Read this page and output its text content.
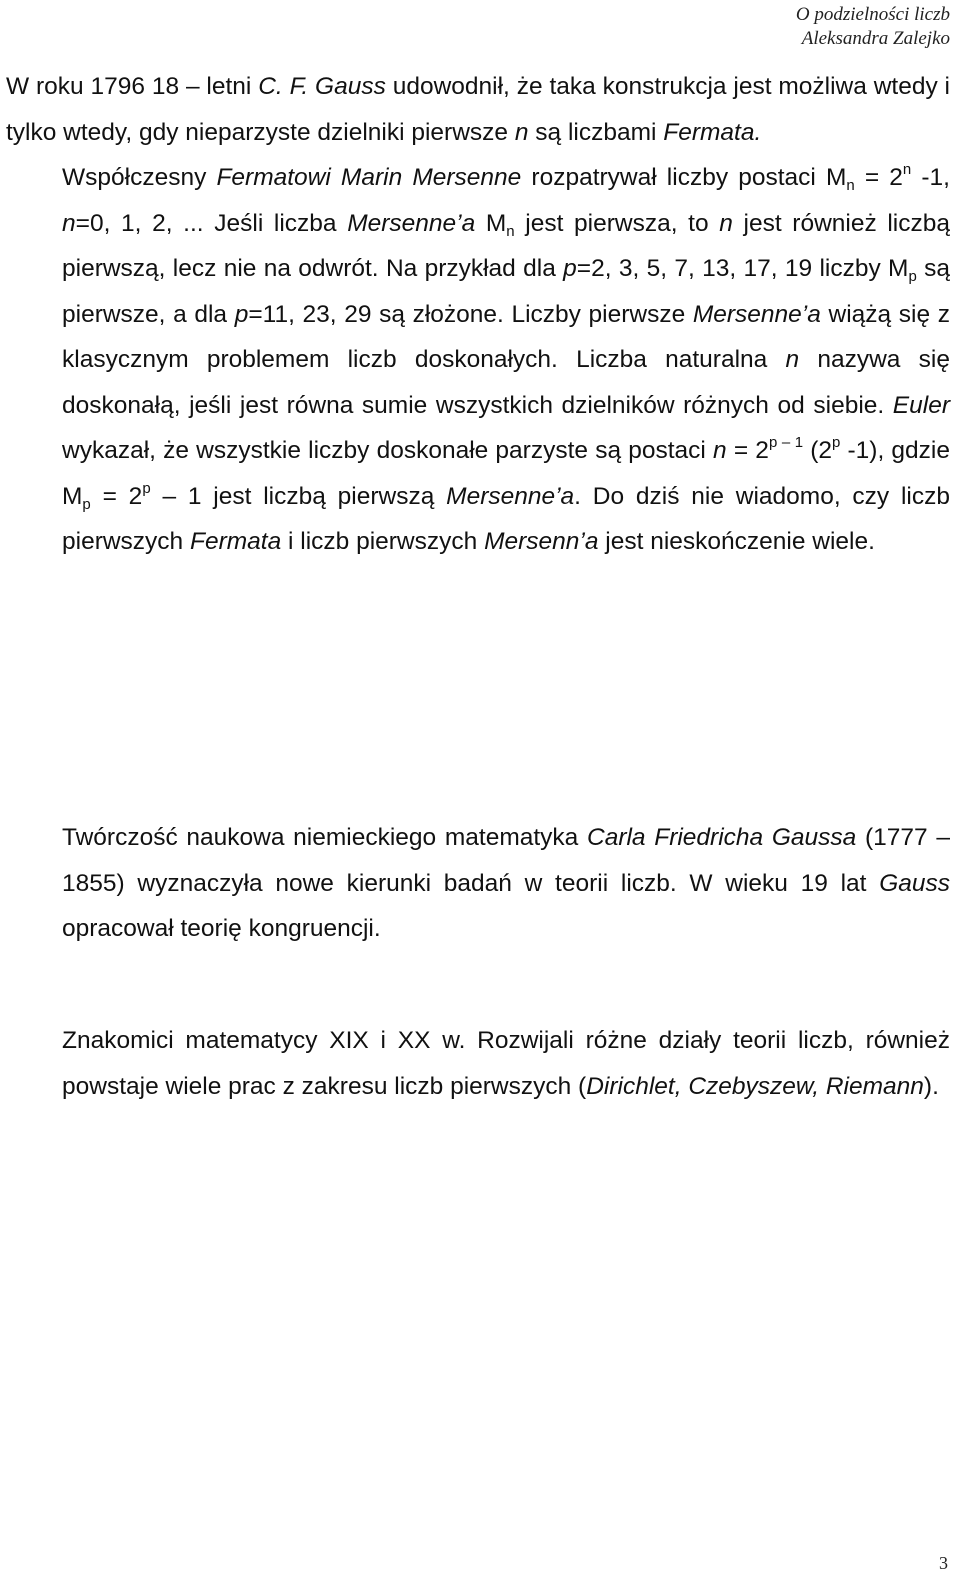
O podzielności liczb
Aleksandra Zalejko

W roku 1796 18 – letni C. F. Gauss udowodnił, że taka konstrukcja jest możliwa wtedy i tylko wtedy, gdy nieparzyste dzielniki pierwsze n są liczbami Fermata.

Współczesny Fermatowi Marin Mersenne rozpatrywał liczby postaci $M_n = 2^n$ -1, n=0, 1, 2, ... Jeśli liczba Mersenne’a $M_n$ jest pierwsza, to n jest również liczbą pierwszą, lecz nie na odwrót. Na przykład dla p=2, 3, 5, 7, 13, 17, 19 liczby $M_p$ są pierwsze, a dla p=11, 23, 29 są złożone. Liczby pierwsze Mersenne’a wiążą się z klasycznym problemem liczb doskonałych. Liczba naturalna n nazywa się doskonałą, jeśli jest równa sumie wszystkich dzielników różnych od siebie. Euler wykazał, że wszystkie liczby doskonałe parzyste są postaci $n = 2^{p - 1}$ (2$^p$ -1), gdzie $M_p = 2^p - 1$ jest liczbą pierwszą Mersenne’a. Do dziś nie wiadomo, czy liczb pierwszych Fermata i liczb pierwszych Mersenn’a jest nieskończenie wiele.

Twórczość naukowa niemieckiego matematyka Carla Friedricha Gaussa (1777 – 1855) wyznaczyła nowe kierunki badań w teorii liczb. W wieku 19 lat Gauss opracował teorię kongruencji.

Znakomici matematycy XIX i XX w. Rozwijali różne działy teorii liczb, również powstaje wiele prac z zakresu liczb pierwszych (Dirichlet, Czebyszew, Riemann).

3
